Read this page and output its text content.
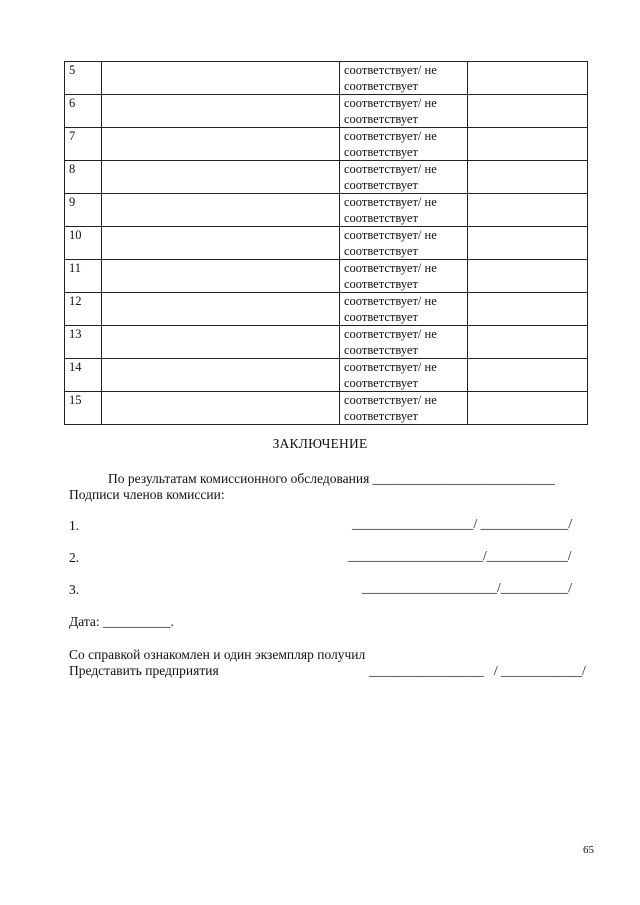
5		соответствует/ не
соответствует	

6		соответствует/ не
соответствует	

7		соответствует/ не
соответствует	

8		соответствует/ не
соответствует	

9		соответствует/ не
соответствует	

10		соответствует/ не
соответствует	

11		соответствует/ не
соответствует	

12		соответствует/ не
соответствует	

13		соответствует/ не
соответствует	

14		соответствует/ не
соответствует	

15		соответствует/ не
соответствует	

ЗАКЛЮЧЕНИЕ
По результатам комиссионного обследования ___________________________
Подписи членов комиссии:
1.	__________________/ _____________/
2.	____________________/____________/
3.	____________________/__________/
Дата: __________.
Со справкой ознакомлен и один экземпляр получил
Представить предприятия	_________________   / ____________/
65
